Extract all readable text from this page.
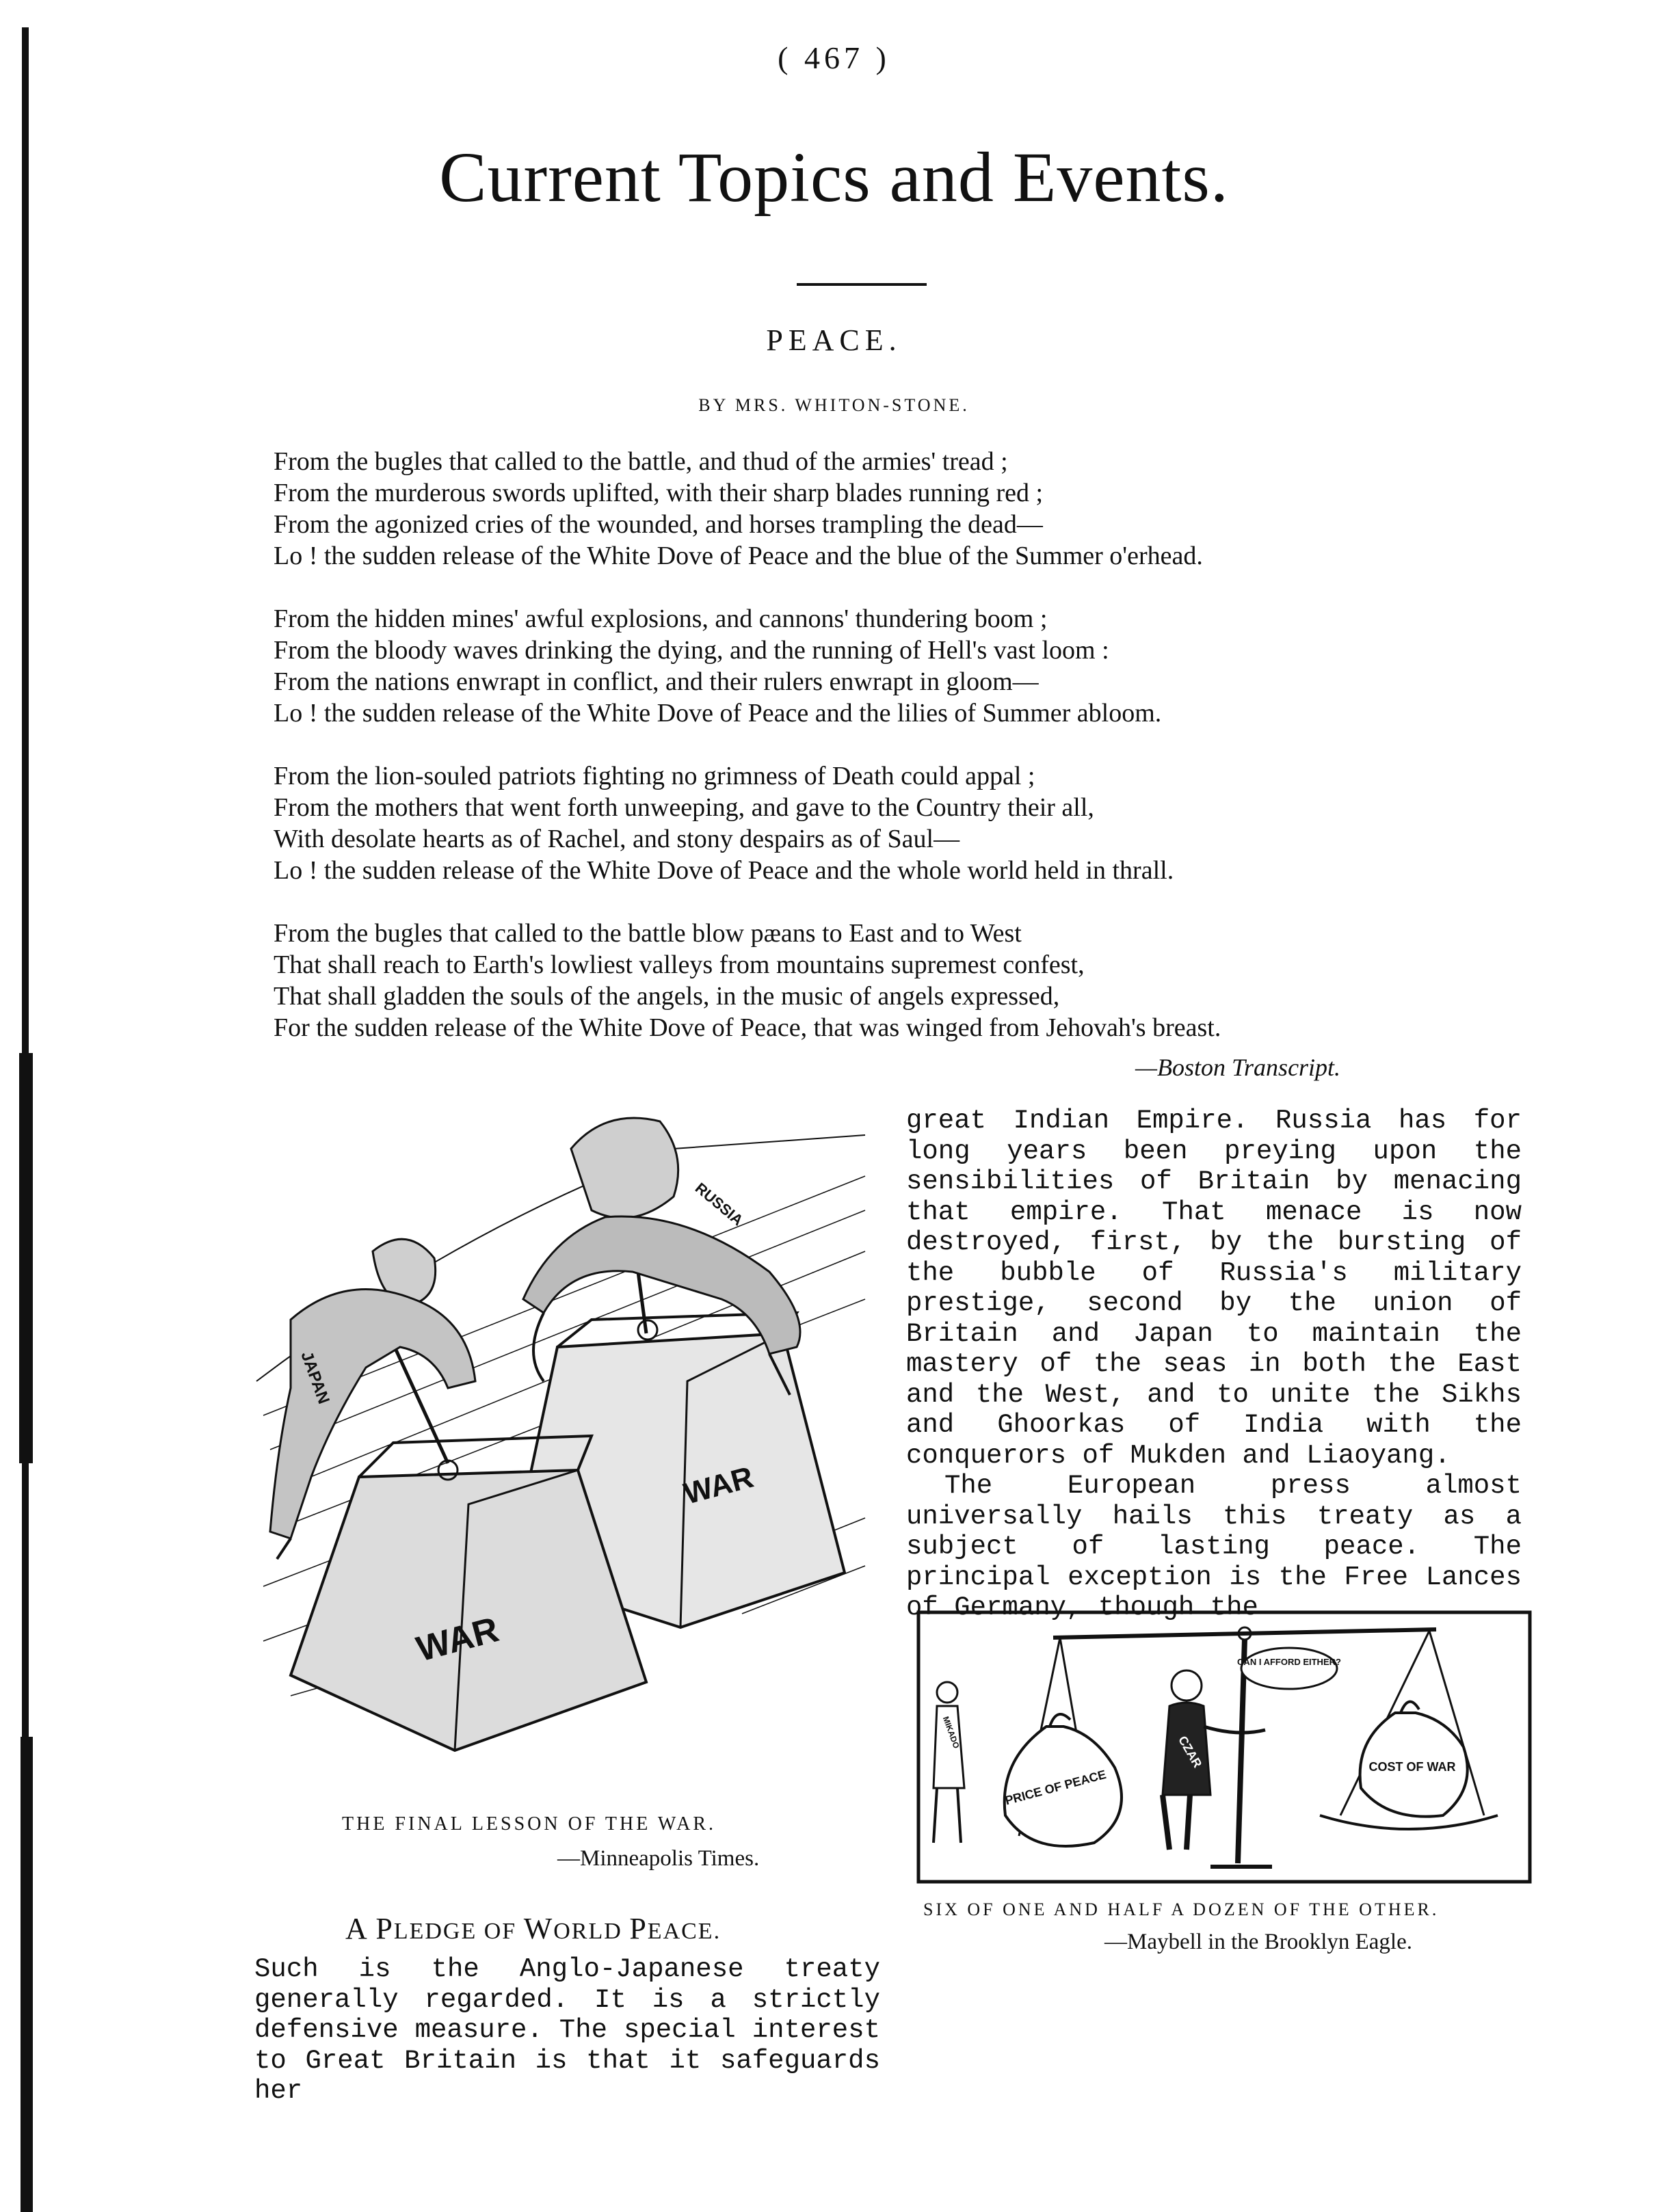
( 467 )
Current Topics and Events.
PEACE.
BY MRS. WHITON-STONE.
From the bugles that called to the battle, and thud of the armies' tread ;
From the murderous swords uplifted, with their sharp blades running red ;
From the agonized cries of the wounded, and horses trampling the dead—
Lo ! the sudden release of the White Dove of Peace and the blue of the Summer o'erhead.
From the hidden mines' awful explosions, and cannons' thundering boom ;
From the bloody waves drinking the dying, and the running of Hell's vast loom :
From the nations enwrapt in conflict, and their rulers enwrapt in gloom—
Lo ! the sudden release of the White Dove of Peace and the lilies of Summer abloom.
From the lion-souled patriots fighting no grimness of Death could appal ;
From the mothers that went forth unweeping, and gave to the Country their all,
With desolate hearts as of Rachel, and stony despairs as of Saul—
Lo ! the sudden release of the White Dove of Peace and the whole world held in thrall.
From the bugles that called to the battle blow pæans to East and to West
That shall reach to Earth's lowliest valleys from mountains supremest confest,
That shall gladden the souls of the angels, in the music of angels expressed,
For the sudden release of the White Dove of Peace, that was winged from Jehovah's breast.
—Boston Transcript.
JAPAN
RUSSIA
WAR
WAR
THE FINAL LESSON OF THE WAR.
—Minneapolis Times.
A PLEDGE OF WORLD PEACE.

Such is the Anglo-Japanese treaty generally regarded. It is a strictly defensive measure. The special interest to Great Britain is that it safeguards her

great Indian Empire. Russia has for long years been preying upon the sensibilities of Britain by menacing that empire. That menace is now destroyed, first, by the bursting of the bubble of Russia's military prestige, second by the union of Britain and Japan to maintain the mastery of the seas in both the East and the West, and to unite the Sikhs and Ghoorkas of India with the conquerors of Mukden and Liaoyang.

The European press almost universally hails this treaty as a subject of lasting peace. The principal exception is the Free Lances of Germany, though the

CAN I AFFORD EITHER?
PRICE OF PEACE
COST OF WAR
CZAR
MIKADO
SIX OF ONE AND HALF A DOZEN OF THE OTHER.
—Maybell in the Brooklyn Eagle.
